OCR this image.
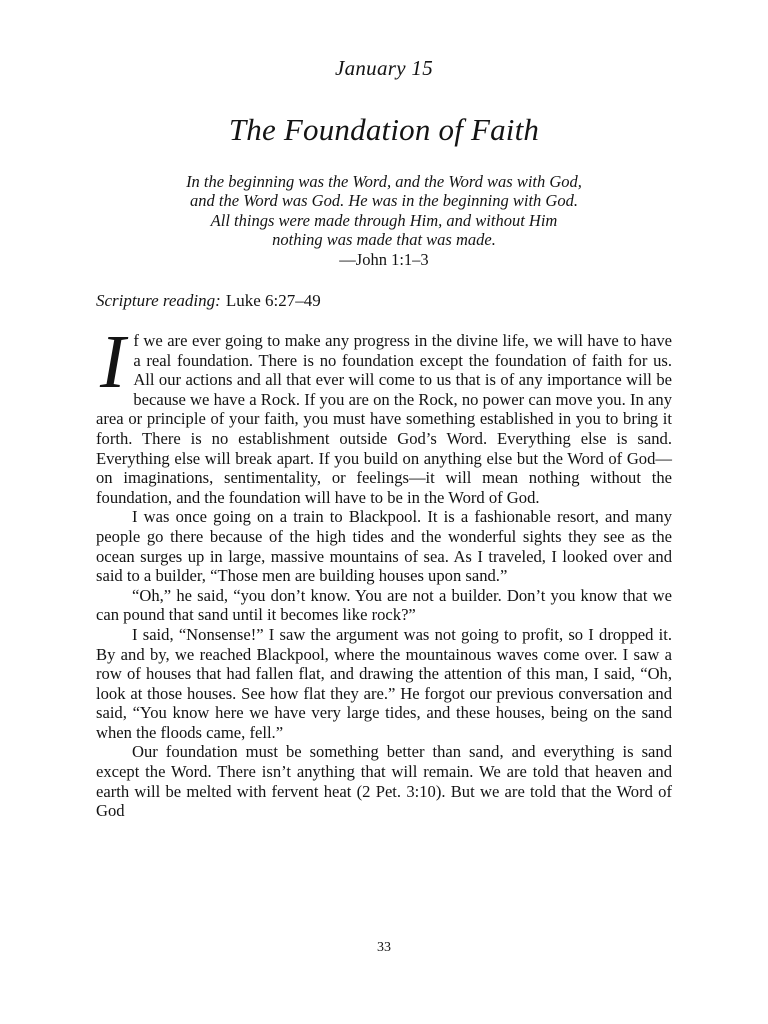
January 15
The Foundation of Faith
In the beginning was the Word, and the Word was with God,
and the Word was God. He was in the beginning with God.
All things were made through Him, and without Him
nothing was made that was made.
—John 1:1–3
Scripture reading: Luke 6:27–49

If we are ever going to make any progress in the divine life, we will have to have a real foundation. There is no foundation except the foundation of faith for us. All our actions and all that ever will come to us that is of any importance will be because we have a Rock. If you are on the Rock, no power can move you. In any area or principle of your faith, you must have something established in you to bring it forth. There is no establishment outside God’s Word. Everything else is sand. Everything else will break apart. If you build on anything else but the Word of God—on imaginations, sentimentality, or feelings—it will mean nothing without the foundation, and the foundation will have to be in the Word of God.

I was once going on a train to Blackpool. It is a fashionable resort, and many people go there because of the high tides and the wonderful sights they see as the ocean surges up in large, massive mountains of sea. As I traveled, I looked over and said to a builder, “Those men are building houses upon sand.”

“Oh,” he said, “you don’t know. You are not a builder. Don’t you know that we can pound that sand until it becomes like rock?”

I said, “Nonsense!” I saw the argument was not going to profit, so I dropped it. By and by, we reached Blackpool, where the mountainous waves come over. I saw a row of houses that had fallen flat, and drawing the attention of this man, I said, “Oh, look at those houses. See how flat they are.” He forgot our previous conversation and said, “You know here we have very large tides, and these houses, being on the sand when the floods came, fell.”

Our foundation must be something better than sand, and everything is sand except the Word. There isn’t anything that will remain. We are told that heaven and earth will be melted with fervent heat (2 Pet. 3:10). But we are told that the Word of God

33
